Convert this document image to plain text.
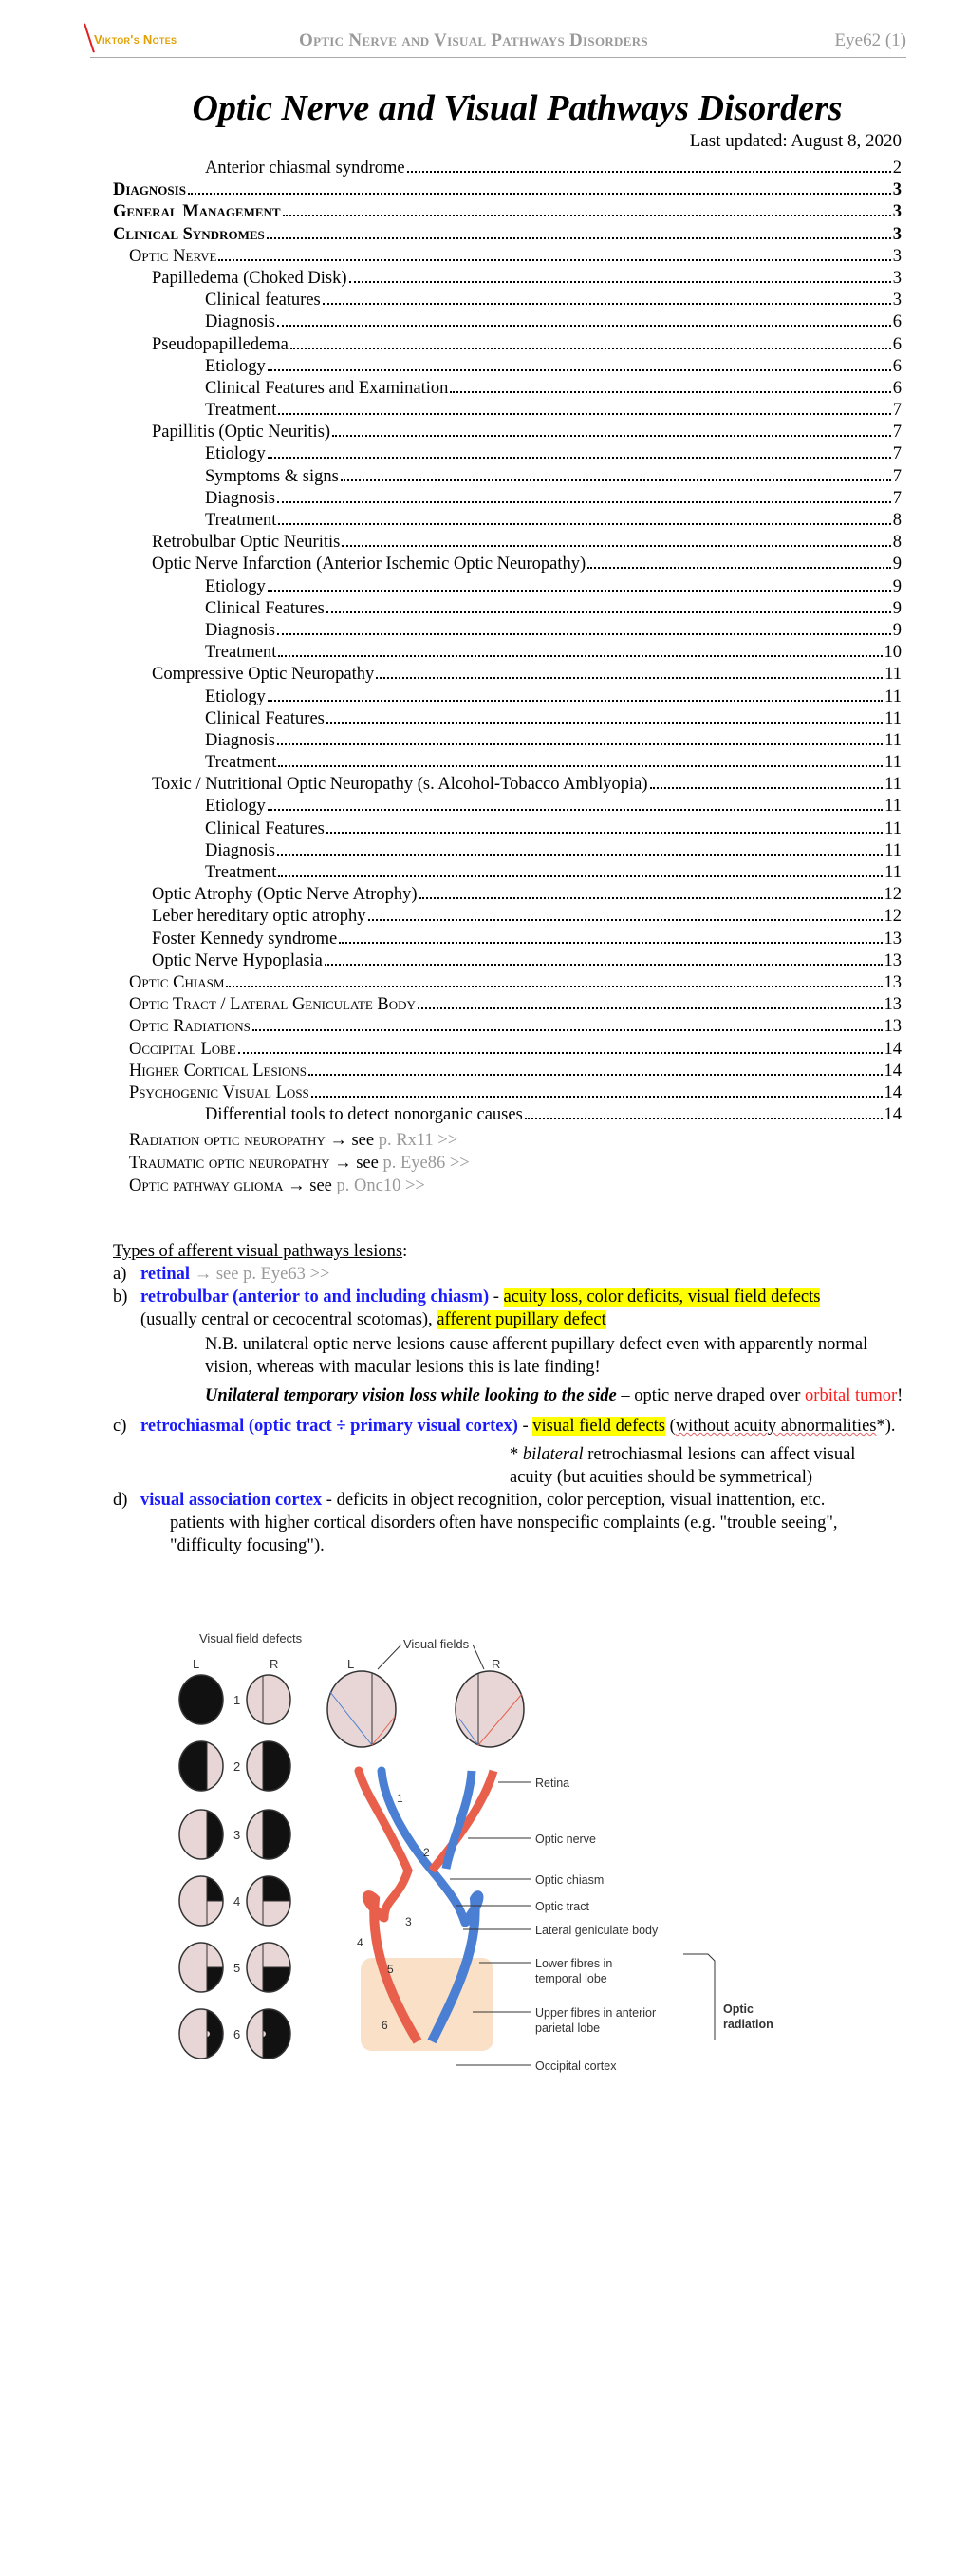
Viktor's Notes	Optic Nerve and Visual Pathways Disorders	Eye62 (1)
Optic Nerve and Visual Pathways Disorders
Last updated: August 8, 2020
Anterior chiasmal syndrome	2
Diagnosis	3
General Management	3
Clinical Syndromes	3
Optic Nerve	3
Papilledema (Choked Disk)	3
Clinical features	3
Diagnosis	6
Pseudopapilledema	6
Etiology	6
Clinical Features and Examination	6
Treatment	7
Papillitis (Optic Neuritis)	7
Etiology	7
Symptoms & signs	7
Diagnosis	7
Treatment	8
Retrobulbar Optic Neuritis	8
Optic Nerve Infarction (Anterior Ischemic Optic Neuropathy)	9
Etiology	9
Clinical Features	9
Diagnosis	9
Treatment	10
Compressive Optic Neuropathy	11
Etiology	11
Clinical Features	11
Diagnosis	11
Treatment	11
Toxic / Nutritional Optic Neuropathy (s. Alcohol-Tobacco Amblyopia)	11
Etiology	11
Clinical Features	11
Diagnosis	11
Treatment	11
Optic Atrophy (Optic Nerve Atrophy)	12
Leber hereditary optic atrophy	12
Foster Kennedy syndrome	13
Optic Nerve Hypoplasia	13
Optic Chiasm	13
Optic Tract / Lateral Geniculate Body	13
Optic Radiations	13
Occipital Lobe	14
Higher Cortical Lesions	14
Psychogenic Visual Loss	14
Differential tools to detect nonorganic causes	14
Radiation optic neuropathy → see p. Rx11 >>
Traumatic optic neuropathy → see p. Eye86 >>
Optic pathway glioma → see p. Onc10 >>
Types of afferent visual pathways lesions:
a) retinal → see p. Eye63 >>
b) retrobulbar (anterior to and including chiasm) - acuity loss, color deficits, visual field defects
(usually central or cecocentral scotomas), afferent pupillary defect
N.B. unilateral optic nerve lesions cause afferent pupillary defect even with apparently normal vision, whereas with macular lesions this is late finding!
Unilateral temporary vision loss while looking to the side – optic nerve draped over orbital tumor!
c) retrochiasmal (optic tract ÷ primary visual cortex) - visual field defects (without acuity abnormalities*).
* bilateral retrochiasmal lesions can affect visual acuity (but acuities should be symmetrical)
d) visual association cortex - deficits in object recognition, color perception, visual inattention, etc.
patients with higher cortical disorders often have nonspecific complaints (e.g. "trouble seeing", "difficulty focusing").
Visual field defects
L	R
1
2
3
4
5
6
Visual fields
L	R
1
2
3
4
5
6
Retina
Optic nerve
Optic chiasm
Optic tract
Lateral geniculate body
Lower fibres in
temporal lobe
Upper fibres in anterior
parietal lobe
Occipital cortex
Optic
radiation
